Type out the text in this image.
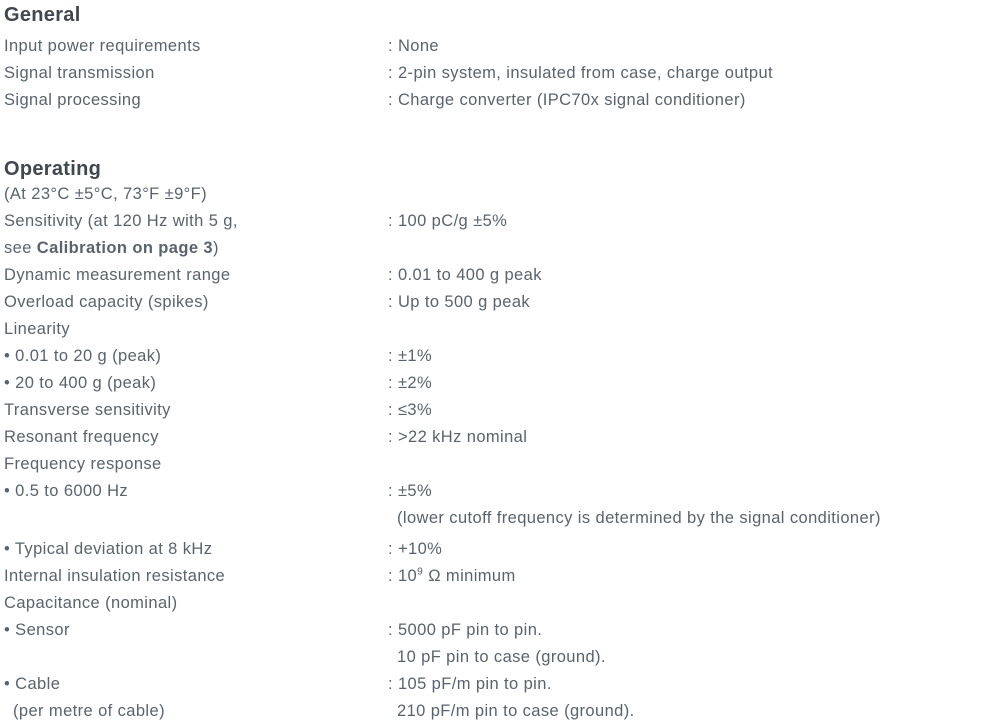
General
Input power requirements	: None
Signal transmission	: 2-pin system, insulated from case, charge output
Signal processing	: Charge converter (IPC70x signal conditioner)
Operating
(At 23°C ±5°C, 73°F ±9°F)
Sensitivity (at 120 Hz with 5 g,	: 100 pC/g ±5%
see Calibration on page 3)
Dynamic measurement range	: 0.01 to 400 g peak
Overload capacity (spikes)	: Up to 500 g peak
Linearity
• 0.01 to 20 g (peak)	: ±1%
• 20 to 400 g (peak)	: ±2%
Transverse sensitivity	: ≤3%
Resonant frequency	: >22 kHz nominal
Frequency response
• 0.5 to 6000 Hz	: ±5%
(lower cutoff frequency is determined by the signal conditioner)
• Typical deviation at 8 kHz	: +10%
Internal insulation resistance	: $10^9$ Ω minimum
Capacitance (nominal)
• Sensor	: 5000 pF pin to pin.
10 pF pin to case (ground).
• Cable	: 105 pF/m pin to pin.
(per metre of cable)	210 pF/m pin to case (ground).
